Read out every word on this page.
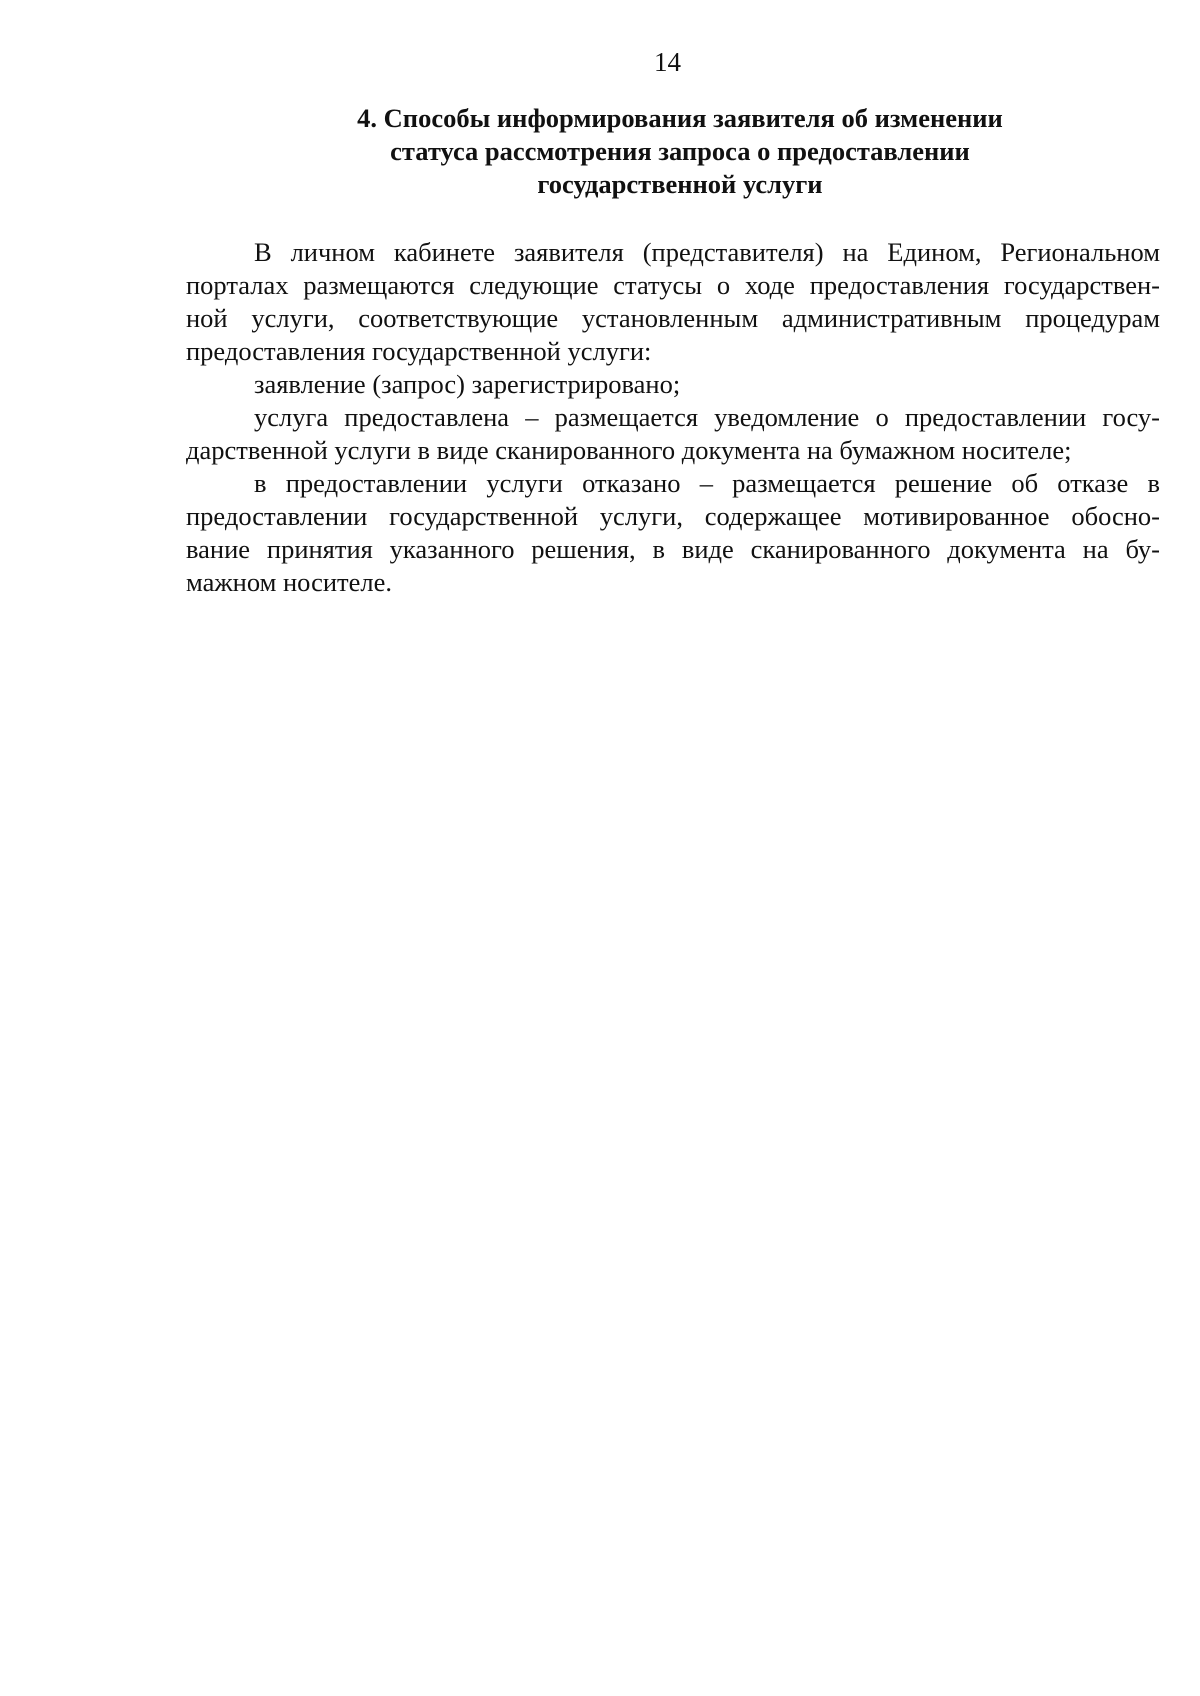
14
4. Способы информирования заявителя об изменении
статуса рассмотрения запроса о предоставлении
государственной услуги
В личном кабинете заявителя (представителя) на Едином, Региональном
порталах размещаются следующие статусы о ходе предоставления государствен-
ной услуги, соответствующие установленным административным процедурам
предоставления государственной услуги:
заявление (запрос) зарегистрировано;
услуга предоставлена – размещается уведомление о предоставлении госу-
дарственной услуги в виде сканированного документа на бумажном носителе;
в предоставлении услуги отказано – размещается решение об отказе в
предоставлении государственной услуги, содержащее мотивированное обосно-
вание принятия указанного решения, в виде сканированного документа на бу-
мажном носителе.
